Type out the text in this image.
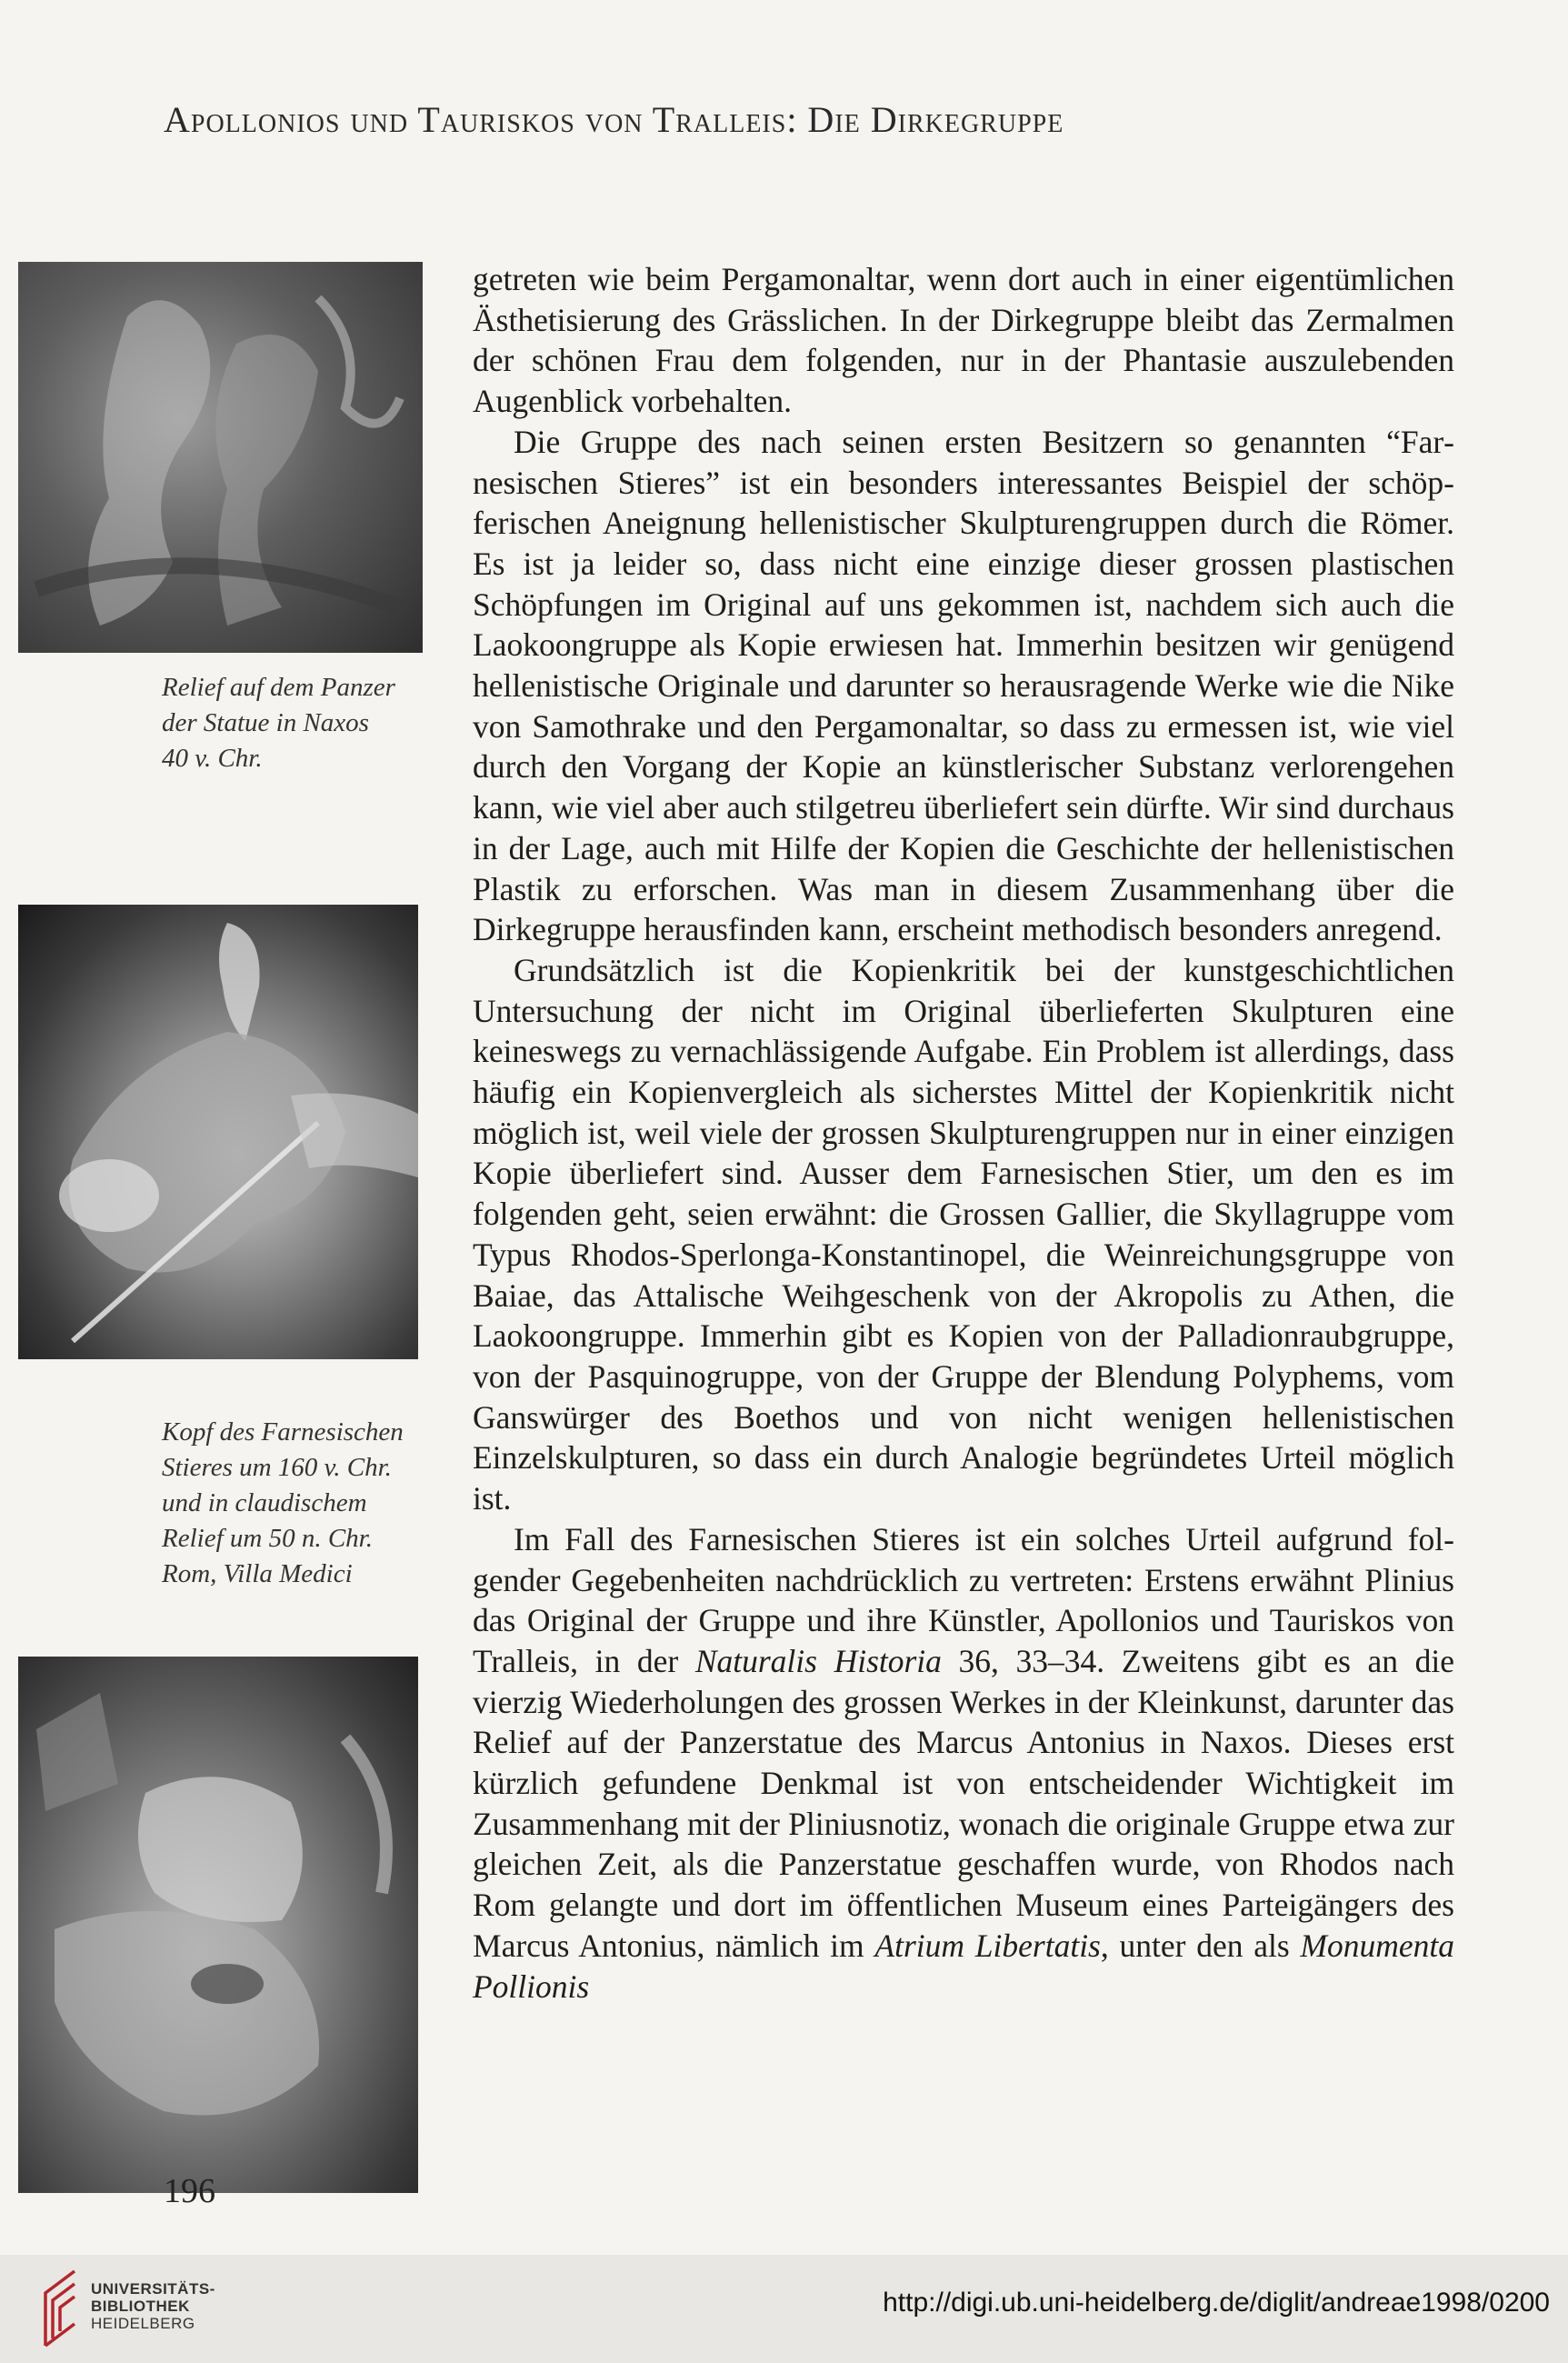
Apollonios und Tauriskos von Tralleis: Die Dirkegruppe
Relief auf dem Panzer
der Statue in Naxos
40 v. Chr.
Kopf des Farnesischen
Stieres um 160 v. Chr.
und in claudischem
Relief um 50 n. Chr.
Rom, Villa Medici

getreten wie beim Pergamonaltar, wenn dort auch in einer eigentümlichen Ästhetisierung des Grässlichen. In der Dirkegruppe bleibt das Zermalmen der schönen Frau dem folgenden, nur in der Phantasie auszulebenden Augenblick vorbehalten.

Die Gruppe des nach seinen ersten Besitzern so genannten “Farnesischen Stieres” ist ein besonders interessantes Beispiel der schöpferischen Aneignung hellenistischer Skulpturengruppen durch die Römer. Es ist ja leider so, dass nicht eine einzige dieser grossen plastischen Schöpfungen im Original auf uns gekommen ist, nachdem sich auch die Laokoongruppe als Kopie erwiesen hat. Immerhin besitzen wir genügend hellenistische Originale und darunter so herausragende Werke wie die Nike von Samothrake und den Pergamonaltar, so dass zu ermessen ist, wie viel durch den Vorgang der Kopie an künstlerischer Substanz verlorengehen kann, wie viel aber auch stilgetreu überliefert sein dürfte. Wir sind durchaus in der Lage, auch mit Hilfe der Kopien die Geschichte der hellenistischen Plastik zu erforschen. Was man in diesem Zusammenhang über die Dirkegruppe herausfinden kann, erscheint methodisch besonders anregend.

Grundsätzlich ist die Kopienkritik bei der kunstgeschichtlichen Untersuchung der nicht im Original überlieferten Skulpturen eine keineswegs zu vernachlässigende Aufgabe. Ein Problem ist allerdings, dass häufig ein Kopienvergleich als sicherstes Mittel der Kopienkritik nicht möglich ist, weil viele der grossen Skulpturengruppen nur in einer einzigen Kopie überliefert sind. Ausser dem Farnesischen Stier, um den es im folgenden geht, seien erwähnt: die Grossen Gallier, die Skyllagruppe vom Typus Rhodos-Sperlonga-Konstantinopel, die Weinreichungsgruppe von Baiae, das Attalische Weihgeschenk von der Akropolis zu Athen, die Laokoongruppe. Immerhin gibt es Kopien von der Palladionraubgruppe, von der Pasquinogruppe, von der Gruppe der Blendung Polyphems, vom Ganswürger des Boethos und von nicht wenigen hellenistischen Einzelskulpturen, so dass ein durch Analogie begründetes Urteil möglich ist.

Im Fall des Farnesischen Stieres ist ein solches Urteil aufgrund folgender Gegebenheiten nachdrücklich zu vertreten: Erstens erwähnt Plinius das Original der Gruppe und ihre Künstler, Apollonios und Tauriskos von Tralleis, in der Naturalis Historia 36, 33–34. Zweitens gibt es an die vierzig Wiederholungen des grossen Werkes in der Kleinkunst, darunter das Relief auf der Panzerstatue des Marcus Antonius in Naxos. Dieses erst kürzlich gefundene Denkmal ist von entscheidender Wichtigkeit im Zusammenhang mit der Pliniusnotiz, wonach die originale Gruppe etwa zur gleichen Zeit, als die Panzerstatue geschaffen wurde, von Rhodos nach Rom gelangte und dort im öffentlichen Museum eines Parteigängers des Marcus Antonius, nämlich im Atrium Libertatis, unter den als Monumenta Pollionis

196
UNIVERSITÄTS-
BIBLIOTHEK
HEIDELBERG
http://digi.ub.uni-heidelberg.de/diglit/andreae1998/0200
